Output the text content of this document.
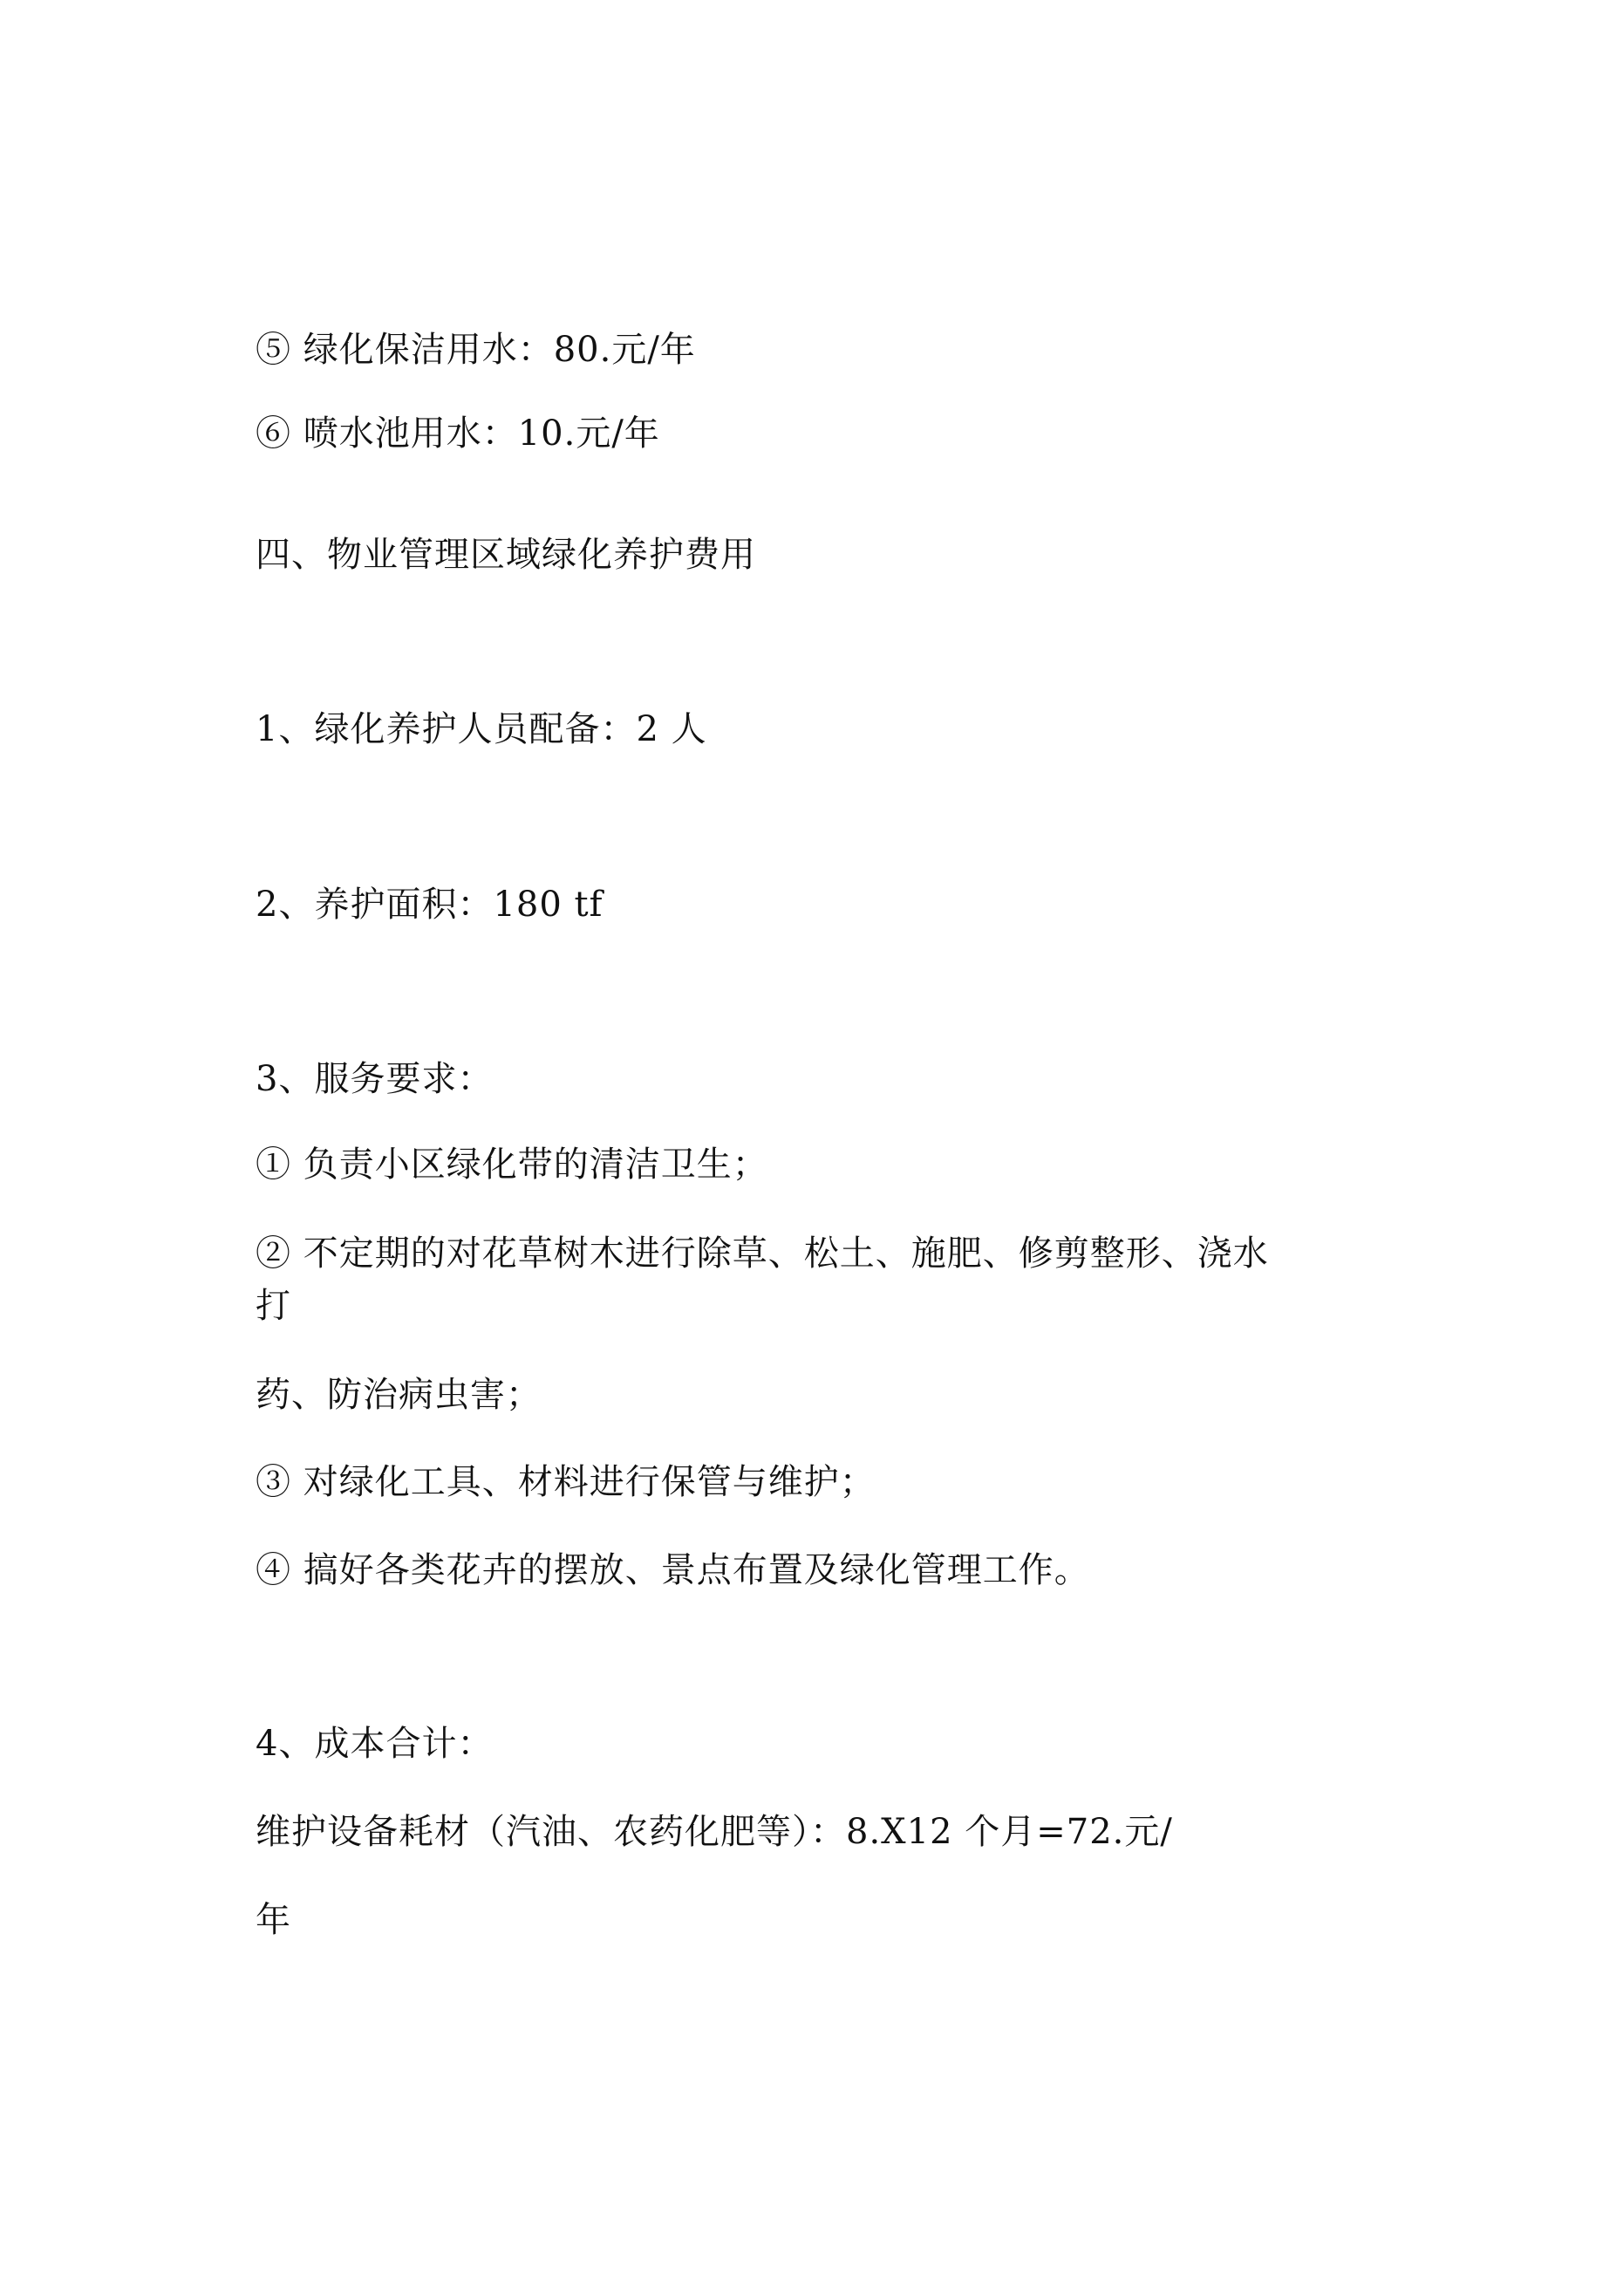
⑤ 绿化保洁用水：80.元/年
⑥ 喷水池用水：10.元/年
四、物业管理区域绿化养护费用
1、绿化养护人员配备：2 人
2、养护面积：180 tf
3、服务要求：
① 负责小区绿化带的清洁卫生；
② 不定期的对花草树木进行除草、松土、施肥、修剪整形、浇水
打
药、防治病虫害；
③ 对绿化工具、材料进行保管与维护；
④ 搞好各类花卉的摆放、景点布置及绿化管理工作。
4、成本合计：
维护设备耗材（汽油、农药化肥等）：8.X12 个月=72.元/
年
